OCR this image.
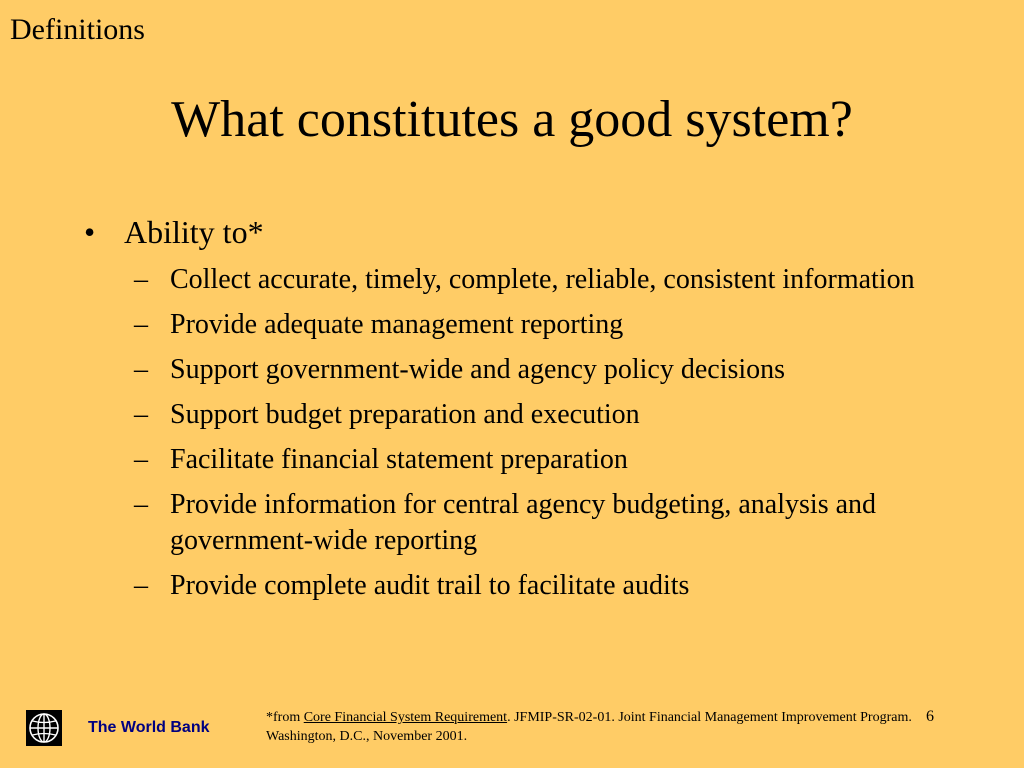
Definitions
What constitutes a good system?
• Ability to*
– Collect accurate, timely, complete, reliable, consistent information
– Provide adequate management reporting
– Support government-wide and agency policy decisions
– Support budget preparation and execution
– Facilitate financial statement preparation
– Provide information for central agency budgeting, analysis and government-wide reporting
– Provide complete audit trail to facilitate audits
The World Bank
*from Core Financial System Requirement. JFMIP-SR-02-01. Joint Financial Management Improvement Program. Washington, D.C., November 2001.
6
